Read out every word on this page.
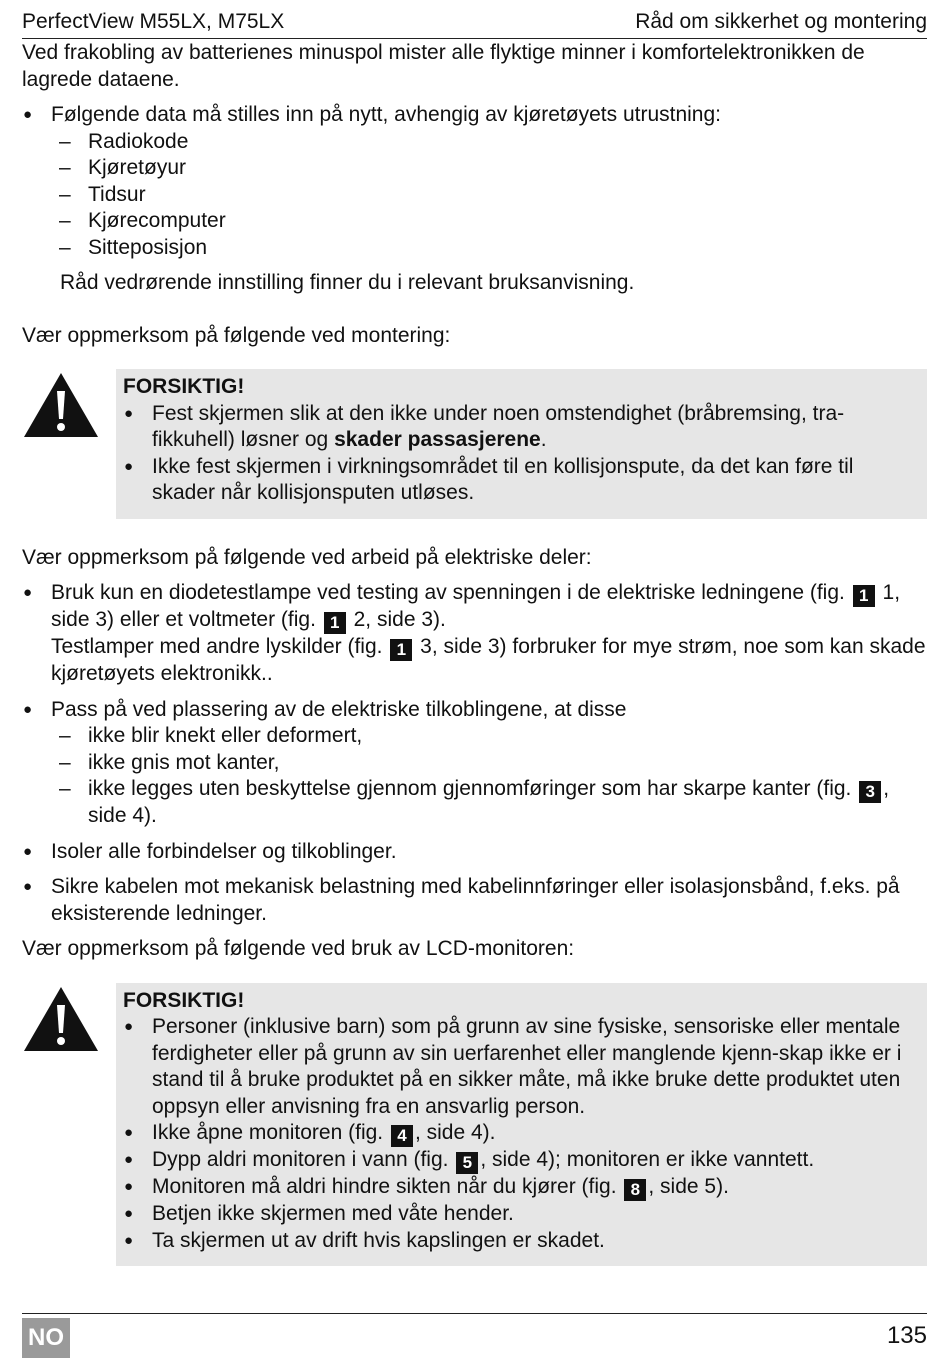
PerfectView M55LX, M75LX	Råd om sikkerhet og montering

Ved frakobling av batterienes minuspol mister alle flyktige minner i komfortelektronikken de lagrede dataene.

● Følgende data må stilles inn på nytt, avhengig av kjøretøyets utrustning:
– Radiokode
– Kjøretøyur
– Tidsur
– Kjørecomputer
– Sitteposisjon

Råd vedrørende innstilling finner du i relevant bruksanvisning.

Vær oppmerksom på følgende ved montering:

FORSIKTIG!
● Fest skjermen slik at den ikke under noen omstendighet (bråbremsing, tra-fikkuhell) løsner og skader passasjerene.
● Ikke fest skjermen i virkningsområdet til en kollisjonspute, da det kan føre til skader når kollisjonsputen utløses.

Vær oppmerksom på følgende ved arbeid på elektriske deler:

● Bruk kun en diodetestlampe ved testing av spenningen i de elektriske ledningene (fig. 1 1, side 3) eller et voltmeter (fig. 1 2, side 3).
Testlamper med andre lyskilder (fig. 1 3, side 3) forbruker for mye strøm, noe som kan skade kjøretøyets elektronikk..
● Pass på ved plassering av de elektriske tilkoblingene, at disse
– ikke blir knekt eller deformert,
– ikke gnis mot kanter,
– ikke legges uten beskyttelse gjennom gjennomføringer som har skarpe kanter (fig. 3 , side 4).
● Isoler alle forbindelser og tilkoblinger.
● Sikre kabelen mot mekanisk belastning med kabelinnføringer eller isolasjonsbånd, f.eks. på eksisterende ledninger.

Vær oppmerksom på følgende ved bruk av LCD-monitoren:

FORSIKTIG!
● Personer (inklusive barn) som på grunn av sine fysiske, sensoriske eller mentale ferdigheter eller på grunn av sin uerfarenhet eller manglende kjenn-skap ikke er i stand til å bruke produktet på en sikker måte, må ikke bruke dette produktet uten oppsyn eller anvisning fra en ansvarlig person.
● Ikke åpne monitoren (fig. 4 , side 4).
● Dypp aldri monitoren i vann (fig. 5 , side 4); monitoren er ikke vanntett.
● Monitoren må aldri hindre sikten når du kjører (fig. 8 , side 5).
● Betjen ikke skjermen med våte hender.
● Ta skjermen ut av drift hvis kapslingen er skadet.
NO	135
